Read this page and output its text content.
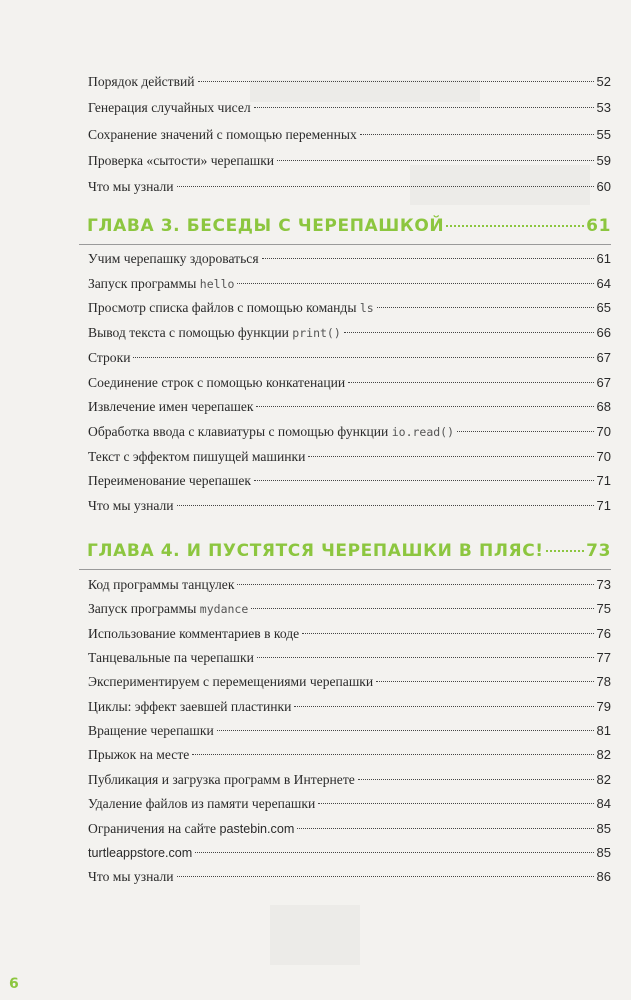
Порядок действий	52
Генерация случайных чисел	53
Сохранение значений с помощью переменных	55
Проверка «сытости» черепашки	59
Что мы узнали	60
ГЛАВА 3. БЕСЕДЫ С ЧЕРЕПАШКОЙ	61
Учим черепашку здороваться	61
Запуск программы hello	64
Просмотр списка файлов с помощью команды ls	65
Вывод текста с помощью функции print()	66
Строки	67
Соединение строк с помощью конкатенации	67
Извлечение имен черепашек	68
Обработка ввода с клавиатуры с помощью функции io.read()	70
Текст с эффектом пишущей машинки	70
Переименование черепашек	71
Что мы узнали	71
ГЛАВА 4. И ПУСТЯТСЯ ЧЕРЕПАШКИ В ПЛЯС! 73
Код программы танцулек	73
Запуск программы mydance	75
Использование комментариев в коде	76
Танцевальные па черепашки	77
Экспериментируем с перемещениями черепашки	78
Циклы: эффект заевшей пластинки	79
Вращение черепашки	81
Прыжок на месте	82
Публикация и загрузка программ в Интернете	82
Удаление файлов из памяти черепашки	84
Ограничения на сайте pastebin.com	85
turtleappstore.com	85
Что мы узнали	86
6
